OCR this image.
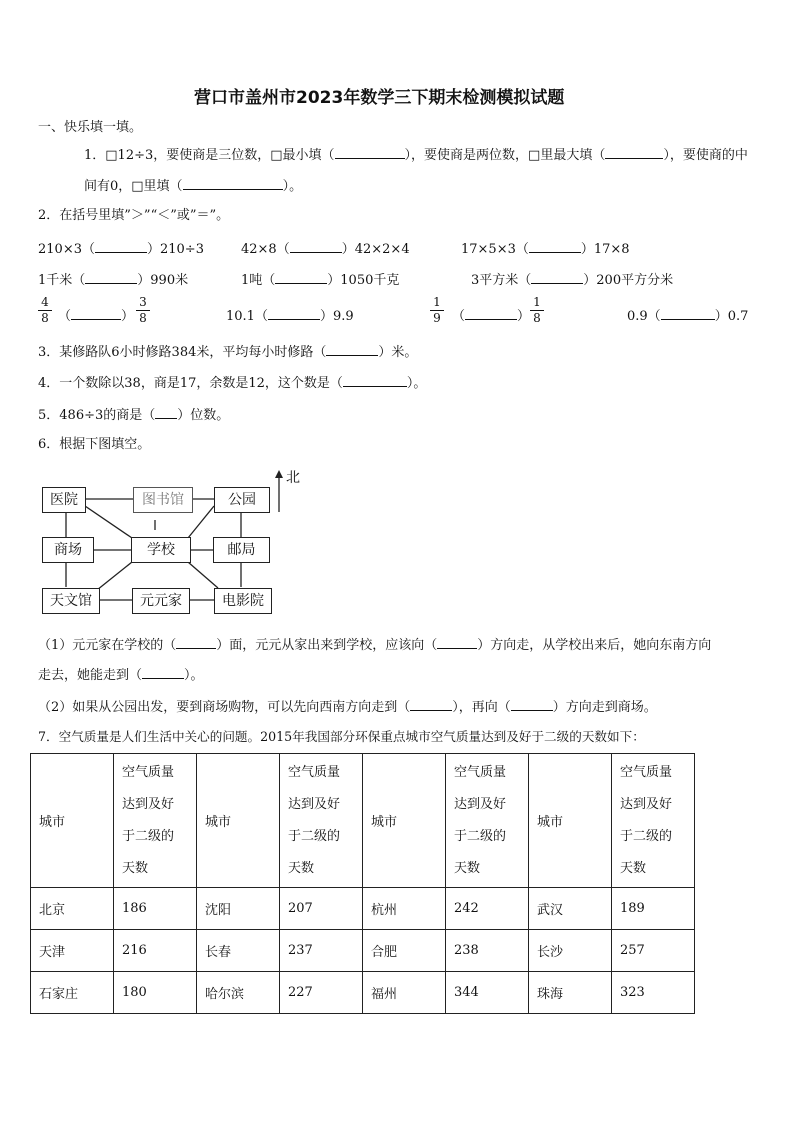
营口市盖州市2023年数学三下期末检测模拟试题
一、快乐填一填。
1．□12÷3，要使商是三位数，□最小填（	），要使商是两位数，□里最大填（	），要使商的中
间有0，□里填（	）。
2．在括号里填”＞”“＜”或”＝”。
210×3（	）210÷3	42×8（	）42×2×4	17×5×3（	）17×8
1千米（	）990米	1吨（	）1050千克	3平方米（	）200平方分米
4
8 （	）
3
8	10.1（	）9.9
1
9 （	）
1
8	0.9（	）0.7
3．某修路队6小时修路384米，平均每小时修路（	）米。
4．一个数除以38，商是17，余数是12，这个数是（	）。
5．486÷3的商是（ ）位数。
6．根据下图填空。
北
医院	图书馆	公园
商场	学校	邮局
天文馆	元元家	电影院
（1）元元家在学校的（	）面，元元从家出来到学校，应该向（	）方向走，从学校出来后，她向东南方向
走去，她能走到（	）。
（2）如果从公园出发，要到商场购物，可以先向西南方向走到（	），再向（	）方向走到商场。
7．空气质量是人们生活中关心的问题。2015年我国部分环保重点城市空气质量达到及好于二级的天数如下：
城市	空气质量
达到及好
于二级的
天数	城市	空气质量
达到及好
于二级的
天数	城市	空气质量
达到及好
于二级的
天数	城市	空气质量
达到及好
于二级的
天数
北京	186	沈阳	207	杭州	242	武汉	189
天津	216	长春	237	合肥	238	长沙	257
石家庄	180	哈尔滨	227	福州	344	珠海	323
